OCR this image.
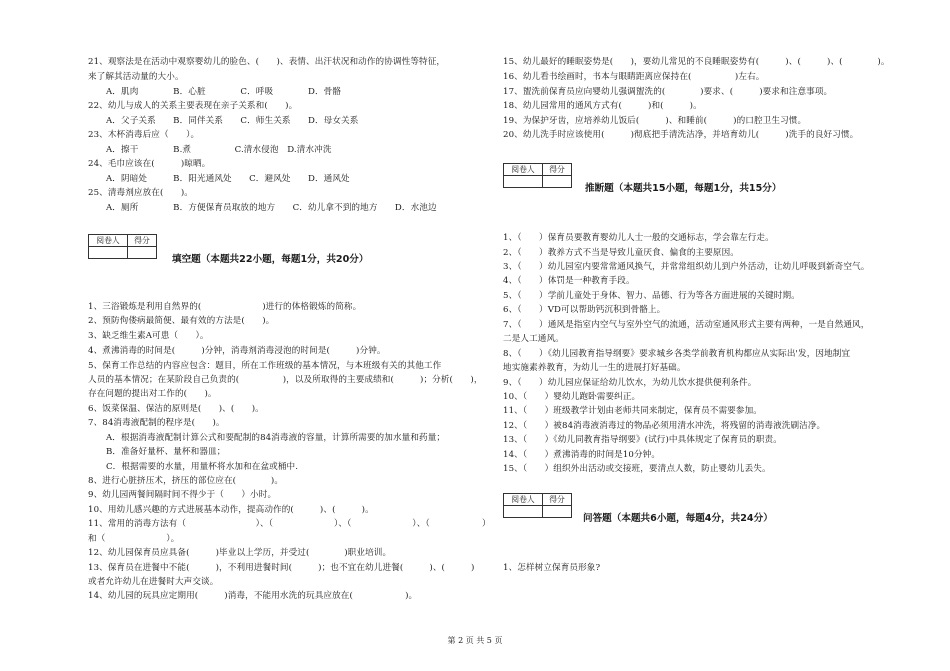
21、观察法是在活动中观察婴幼儿的脸色、(　　)、表情、出汗状况和动作的协调性等特征，
来了解其活动量的大小。
A．肌肉　　　　B．心脏　　　　C．呼吸　　　　D．骨骼
22、幼儿与成人的关系主要表现在亲子关系和(　　)。
A．父子关系　　B．同伴关系　　C．师生关系　　D．母女关系
23、木杯消毒后应（　　）。
A．擦干　　　　B.煮　　　　　C.清水侵泡　D.清水冲洗
24、毛巾应该在(　　　)晾晒。
A．阴暗处　　　B．阳光通风处　　C．避风处　　D．通风处
25、清毒剂应放在(　　)。
A．厕所　　　　B．方便保育员取放的地方　　C．幼儿拿不到的地方　　D．水池边
阅卷人	得分

填空题（本题共22小题，每题1分，共20分）
1、三浴锻炼是利用自然界的(　　　　　　　)进行的体格锻炼的简称。
2、预防佝偻病最简便、最有效的方法是(　　)。
3、缺乏维生素A可患（　　）。
4、煮沸消毒的时间是(　　　)分钟，消毒剂消毒浸泡的时间是(　　　)分钟。
5、保育工作总结的内容应包含：题目，所在工作班级的基本情况，与本班级有关的其他工作
人员的基本情况；在某阶段自己负责的(　　　　　)，以及所取得的主要成绩和(　　　)；分析(　　)，
存在问题的提出对工作的(　　)。
6、饭菜保温、保洁的原则是(　　)、(　　)。
7、84消毒液配制的程序是(　　)。
A．根据消毒液配制计算公式和要配制的84消毒液的容量，计算所需要的加水量和药量；
B．准备好量杯、量杯和器皿；
C．根据需要的水量，用量杯将水加和在盆或桶中.
8、进行心脏挤压术，挤压的部位应在(　　　　)。
9、幼儿园两餐间隔时间不得少于（　　）小时。
10、用幼儿感兴趣的方式进展基本动作，提高动作的(　　　)、(　　　)。
11、常用的消毒方法有（　　　　　　　　）、（　　　　　　　）、（　　　　　　　）、（　　　　　　）
和（　　　　　　　）。
12、幼儿园保育员应具备(　　　)毕业以上学历，并受过(　　　　)职业培训。
13、保育员在进餐中不能(　　　)，不利用进餐时间(　　　)；也不宜在幼儿进餐(　　　)、(　　　)
或者允许幼儿在进餐时大声交谈。
14、幼儿园的玩具应定期用(　　　)消毒，不能用水洗的玩具应放在(　　　　　　)。
15、幼儿最好的睡眠姿势是(　　)，要幼儿常见的不良睡眠姿势有(　　　)、(　　　)、(　　　　)。
16、幼儿看书绘画时，书本与眼睛距离应保持在(　　　　　)左右。
17、盥洗前保育员应向婴幼儿强调盥洗的(　　　　)要求、(　　　)要求和注意事项。
18、幼儿园常用的通风方式有(　　　)和(　　　)。
19、为保护牙齿，应培养幼儿饭后(　　　)、和睡前(　　　)的口腔卫生习惯。
20、幼儿洗手时应该使用(　　　)彻底把手清洗洁净，并培育幼儿(　　　)洗手的良好习惯。
阅卷人	得分

推断题（本题共15小题，每题1分，共15分）
1、（　　）保育员要教育婴幼儿人士一般的交通标志，学会靠左行走。
2、（　　）教养方式不当是导致儿童厌食、偏食的主要原因。
3、（　　）幼儿园室内要常常通风换气，并常常组织幼儿到户外活动，让幼儿呼吸到新奇空气。
4、（　　）体罚是一种教育手段。
5、（　　）学前儿童处于身体、智力、品德、行为等各方面进展的关键时期。
6、（　　）VD可以帮助钙沉积到骨骼上。
7、（　　）通风是指室内空气与室外空气的流通，活动室通风形式主要有两种，一是自然通风，
二是人工通风。
8、（　　）《幼儿园教育指导纲要》要求城乡各类学前教育机构都应从实际出'发，因地制宜
地实施素养教育，为幼儿一生的进展打好基础。
9、（　　）幼儿园应保证给幼儿饮水，为幼儿饮水提供便利条件。
10、（　　）婴幼儿跑卧需要纠正。
11、（　　）班级教学计划由老师共同来制定，保育员不需要参加。
12、（　　）被84消毒液消毒过的物品必须用清水冲洗，将残留的消毒液洗刷洁净。
13、（　　）《幼儿同教育指导纲要》(试行)中具体规定了保育员的职责。
14、（　　）煮沸消毒的时间是10分钟。
15、（　　）组织外出活动或交接班，要清点人数，防止婴幼儿丢失。
阅卷人	得分

问答题（本题共6小题，每题4分，共24分）
1、怎样树立保育员形象?
第 2 页 共 5 页
